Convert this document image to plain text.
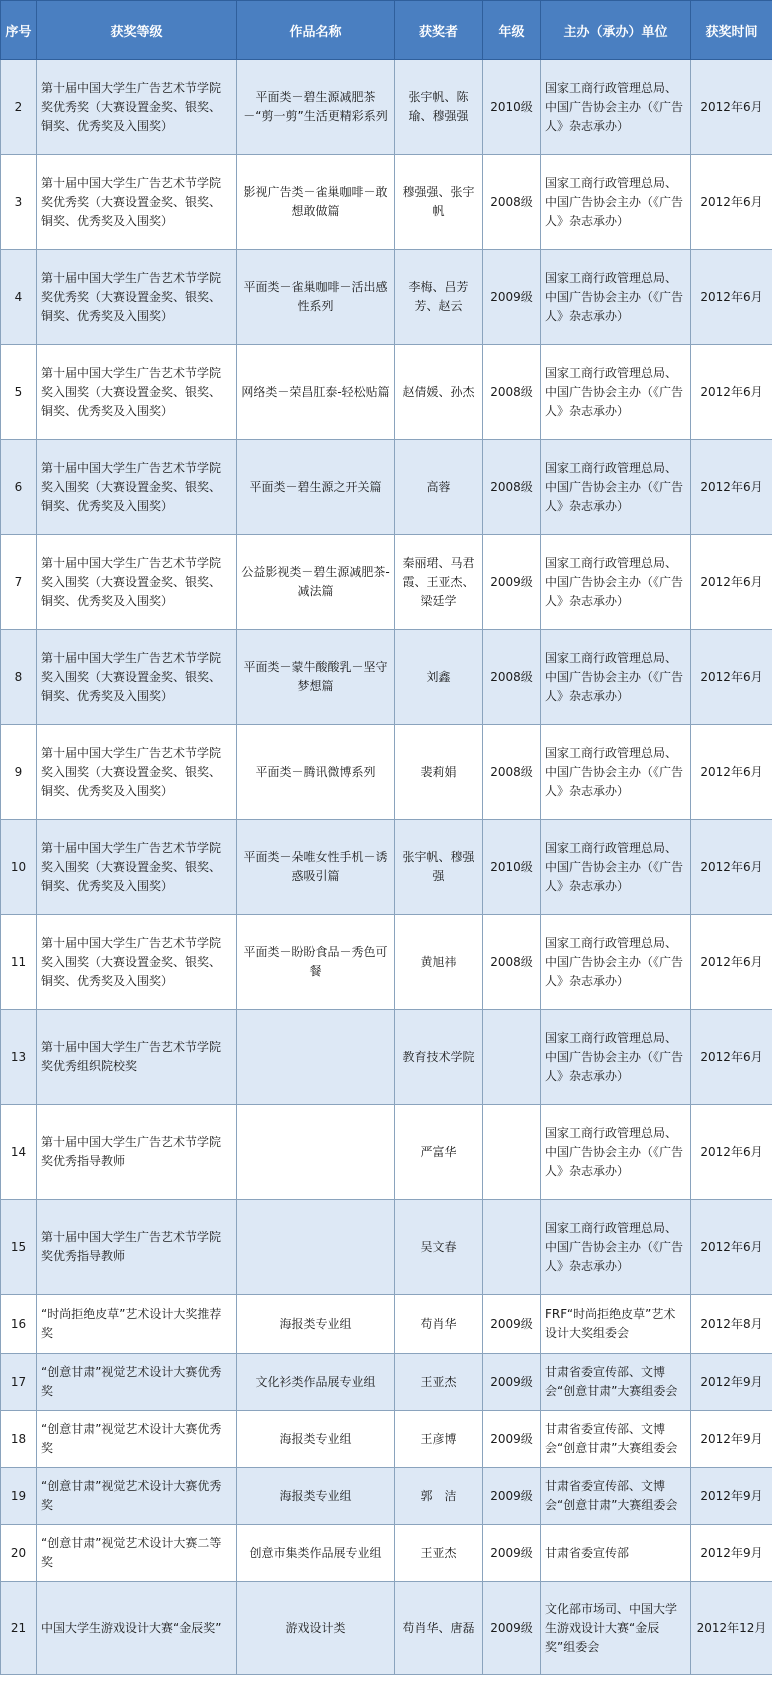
序号	获奖等级	作品名称	获奖者	年级	主办（承办）单位	获奖时间
2	第十届中国大学生广告艺术节学院奖优秀奖（大赛设置金奖、银奖、铜奖、优秀奖及入围奖）	平面类－碧生源减肥茶－“剪一剪”生活更精彩系列	张宇帆、陈瑜、穆强强	2010级	国家工商行政管理总局、中国广告协会主办（《广告人》杂志承办）	2012年6月
3	第十届中国大学生广告艺术节学院奖优秀奖（大赛设置金奖、银奖、铜奖、优秀奖及入围奖）	影视广告类－雀巢咖啡－敢想敢做篇	穆强强、张宇帆	2008级	国家工商行政管理总局、中国广告协会主办（《广告人》杂志承办）	2012年6月
4	第十届中国大学生广告艺术节学院奖优秀奖（大赛设置金奖、银奖、铜奖、优秀奖及入围奖）	平面类－雀巢咖啡－活出感性系列	李梅、吕芳芳、赵云	2009级	国家工商行政管理总局、中国广告协会主办（《广告人》杂志承办）	2012年6月
5	第十届中国大学生广告艺术节学院奖入围奖（大赛设置金奖、银奖、铜奖、优秀奖及入围奖）	网络类－荣昌肛泰-轻松贴篇	赵倩媛、孙杰	2008级	国家工商行政管理总局、中国广告协会主办（《广告人》杂志承办）	2012年6月
6	第十届中国大学生广告艺术节学院奖入围奖（大赛设置金奖、银奖、铜奖、优秀奖及入围奖）	平面类－碧生源之开关篇	高蓉	2008级	国家工商行政管理总局、中国广告协会主办（《广告人》杂志承办）	2012年6月
7	第十届中国大学生广告艺术节学院奖入围奖（大赛设置金奖、银奖、铜奖、优秀奖及入围奖）	公益影视类－碧生源减肥茶-减法篇	秦丽珺、马君霞、王亚杰、梁廷学	2009级	国家工商行政管理总局、中国广告协会主办（《广告人》杂志承办）	2012年6月
8	第十届中国大学生广告艺术节学院奖入围奖（大赛设置金奖、银奖、铜奖、优秀奖及入围奖）	平面类－蒙牛酸酸乳－坚守梦想篇	刘鑫	2008级	国家工商行政管理总局、中国广告协会主办（《广告人》杂志承办）	2012年6月
9	第十届中国大学生广告艺术节学院奖入围奖（大赛设置金奖、银奖、铜奖、优秀奖及入围奖）	平面类－腾讯微博系列	裴莉娟	2008级	国家工商行政管理总局、中国广告协会主办（《广告人》杂志承办）	2012年6月
10	第十届中国大学生广告艺术节学院奖入围奖（大赛设置金奖、银奖、铜奖、优秀奖及入围奖）	平面类－朵唯女性手机－诱惑吸引篇	张宇帆、穆强强	2010级	国家工商行政管理总局、中国广告协会主办（《广告人》杂志承办）	2012年6月
11	第十届中国大学生广告艺术节学院奖入围奖（大赛设置金奖、银奖、铜奖、优秀奖及入围奖）	平面类－盼盼食品－秀色可餐	黄旭祎	2008级	国家工商行政管理总局、中国广告协会主办（《广告人》杂志承办）	2012年6月
13	第十届中国大学生广告艺术节学院奖优秀组织院校奖		教育技术学院		国家工商行政管理总局、中国广告协会主办（《广告人》杂志承办）	2012年6月
14	第十届中国大学生广告艺术节学院奖优秀指导教师		严富华		国家工商行政管理总局、中国广告协会主办（《广告人》杂志承办）	2012年6月
15	第十届中国大学生广告艺术节学院奖优秀指导教师		吴文春		国家工商行政管理总局、中国广告协会主办（《广告人》杂志承办）	2012年6月
16	“时尚拒绝皮草”艺术设计大奖推荐奖	海报类专业组	苟肖华	2009级	FRF“时尚拒绝皮草”艺术设计大奖组委会	2012年8月
17	“创意甘肃”视觉艺术设计大赛优秀奖	文化衫类作品展专业组	王亚杰	2009级	甘肃省委宣传部、文博会“创意甘肃”大赛组委会	2012年9月
18	“创意甘肃”视觉艺术设计大赛优秀奖	海报类专业组	王彦博	2009级	甘肃省委宣传部、文博会“创意甘肃”大赛组委会	2012年9月
19	“创意甘肃”视觉艺术设计大赛优秀奖	海报类专业组	郭　洁	2009级	甘肃省委宣传部、文博会“创意甘肃”大赛组委会	2012年9月
20	“创意甘肃”视觉艺术设计大赛二等奖	创意市集类作品展专业组	王亚杰	2009级	甘肃省委宣传部	2012年9月
21	中国大学生游戏设计大赛“金辰奖”	游戏设计类	苟肖华、唐磊	2009级	文化部市场司、中国大学生游戏设计大赛“金辰奖”组委会	2012年12月
